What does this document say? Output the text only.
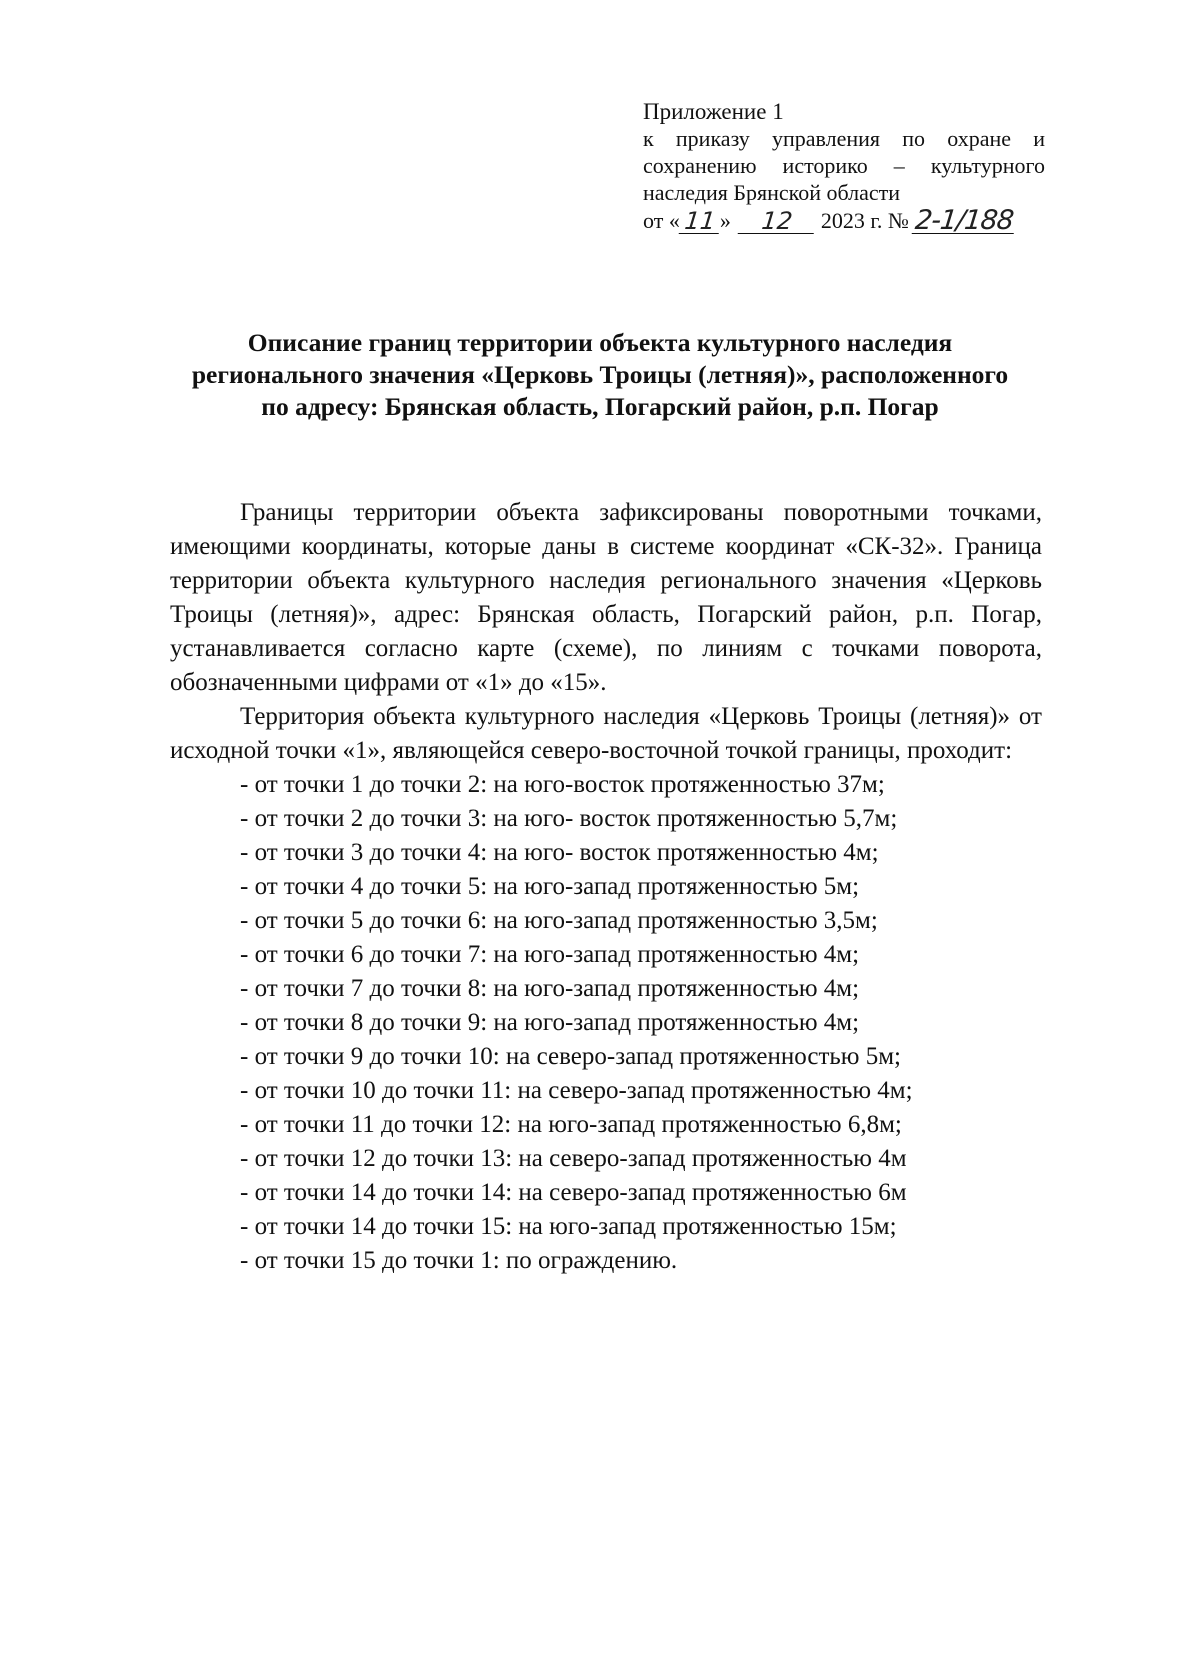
Приложение 1
к приказу управления по охране и
сохранению историко – культурного
наследия Брянской области
от « 11 »	12	2023 г. № 2-1/188
Описание границ территории объекта культурного наследия
регионального значения «Церковь Троицы (летняя)», расположенного
по адресу: Брянская область, Погарский район, р.п. Погар

Границы территории объекта зафиксированы поворотными точками, имеющими координаты, которые даны в системе координат «СК-32». Граница территории объекта культурного наследия регионального значения «Церковь Троицы (летняя)», адрес: Брянская область, Погарский район, р.п. Погар, устанавливается согласно карте (схеме), по линиям с точками поворота, обозначенными цифрами от «1» до «15».

Территория объекта культурного наследия «Церковь Троицы (летняя)» от исходной точки «1», являющейся северо-восточной точкой границы, проходит:

- от точки 1 до точки 2: на юго-восток протяженностью 37м;
- от точки 2 до точки 3: на юго- восток протяженностью 5,7м;
- от точки 3 до точки 4: на юго- восток протяженностью 4м;
- от точки 4 до точки 5: на юго-запад протяженностью 5м;
- от точки 5 до точки 6: на юго-запад протяженностью 3,5м;
- от точки 6 до точки 7: на юго-запад протяженностью 4м;
- от точки 7 до точки 8: на юго-запад протяженностью 4м;
- от точки 8 до точки 9: на юго-запад протяженностью 4м;
- от точки 9 до точки 10: на северо-запад протяженностью 5м;
- от точки 10 до точки 11: на северо-запад протяженностью 4м;
- от точки 11 до точки 12: на юго-запад протяженностью 6,8м;
- от точки 12 до точки 13: на северо-запад протяженностью 4м
- от точки 14 до точки 14: на северо-запад протяженностью 6м
- от точки 14 до точки 15: на юго-запад протяженностью 15м;
- от точки 15 до точки 1: по ограждению.
